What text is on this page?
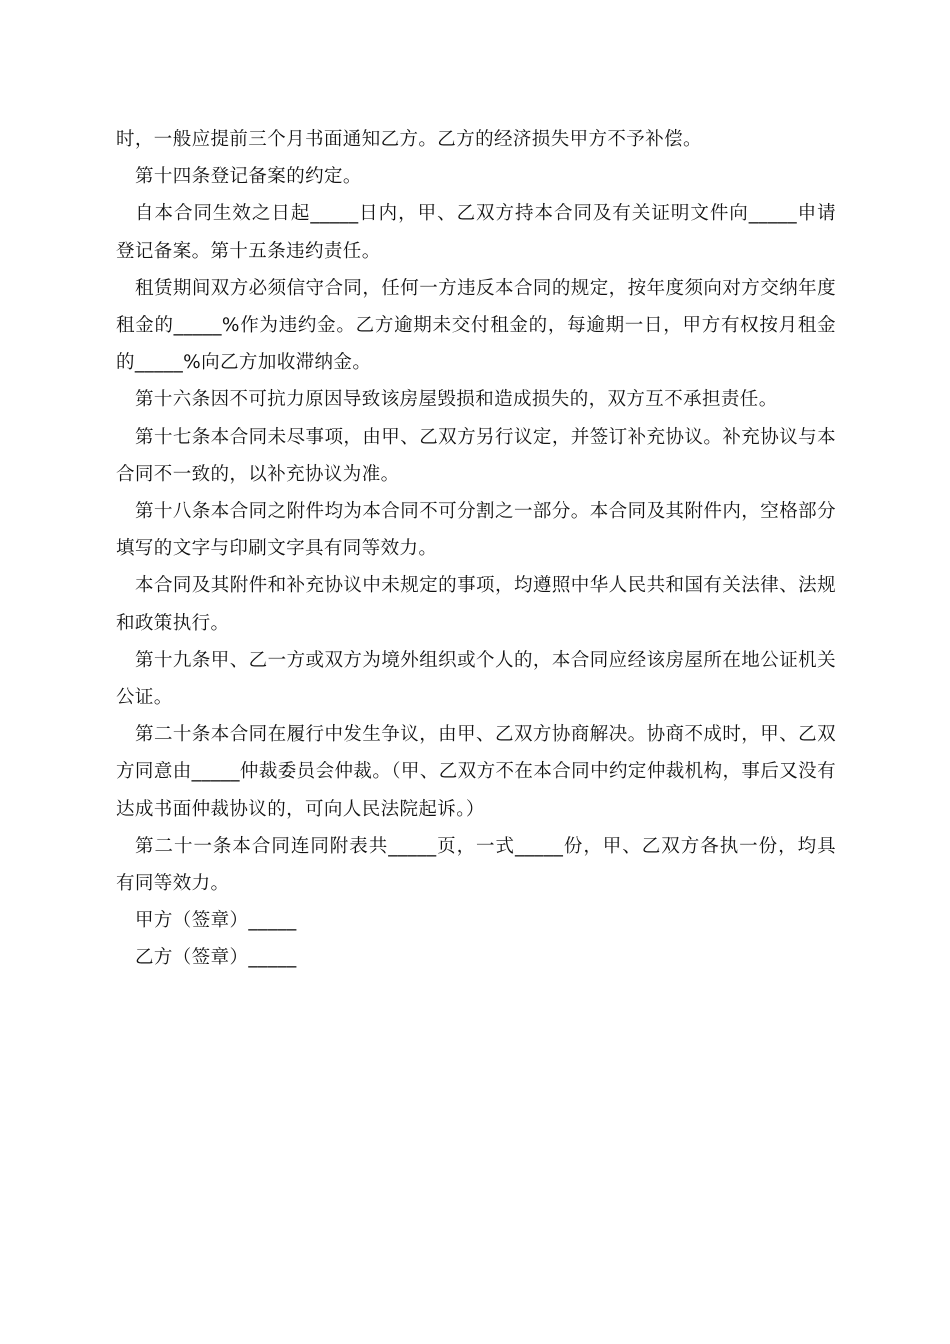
时，一般应提前三个月书面通知乙方。乙方的经济损失甲方不予补偿。

第十四条登记备案的约定。

自本合同生效之日起_____日内，甲、乙双方持本合同及有关证明文件向_____申请登记备案。第十五条违约责任。

租赁期间双方必须信守合同，任何一方违反本合同的规定，按年度须向对方交纳年度租金的_____%作为违约金。乙方逾期未交付租金的，每逾期一日，甲方有权按月租金的_____%向乙方加收滞纳金。

第十六条因不可抗力原因导致该房屋毁损和造成损失的，双方互不承担责任。

第十七条本合同未尽事项，由甲、乙双方另行议定，并签订补充协议。补充协议与本合同不一致的，以补充协议为准。

第十八条本合同之附件均为本合同不可分割之一部分。本合同及其附件内，空格部分填写的文字与印刷文字具有同等效力。

本合同及其附件和补充协议中未规定的事项，均遵照中华人民共和国有关法律、法规和政策执行。

第十九条甲、乙一方或双方为境外组织或个人的，本合同应经该房屋所在地公证机关公证。

第二十条本合同在履行中发生争议，由甲、乙双方协商解决。协商不成时，甲、乙双方同意由_____仲裁委员会仲裁。（甲、乙双方不在本合同中约定仲裁机构，事后又没有达成书面仲裁协议的，可向人民法院起诉。）

第二十一条本合同连同附表共_____页，一式_____份，甲、乙双方各执一份，均具有同等效力。

甲方（签章）_____

乙方（签章）_____
